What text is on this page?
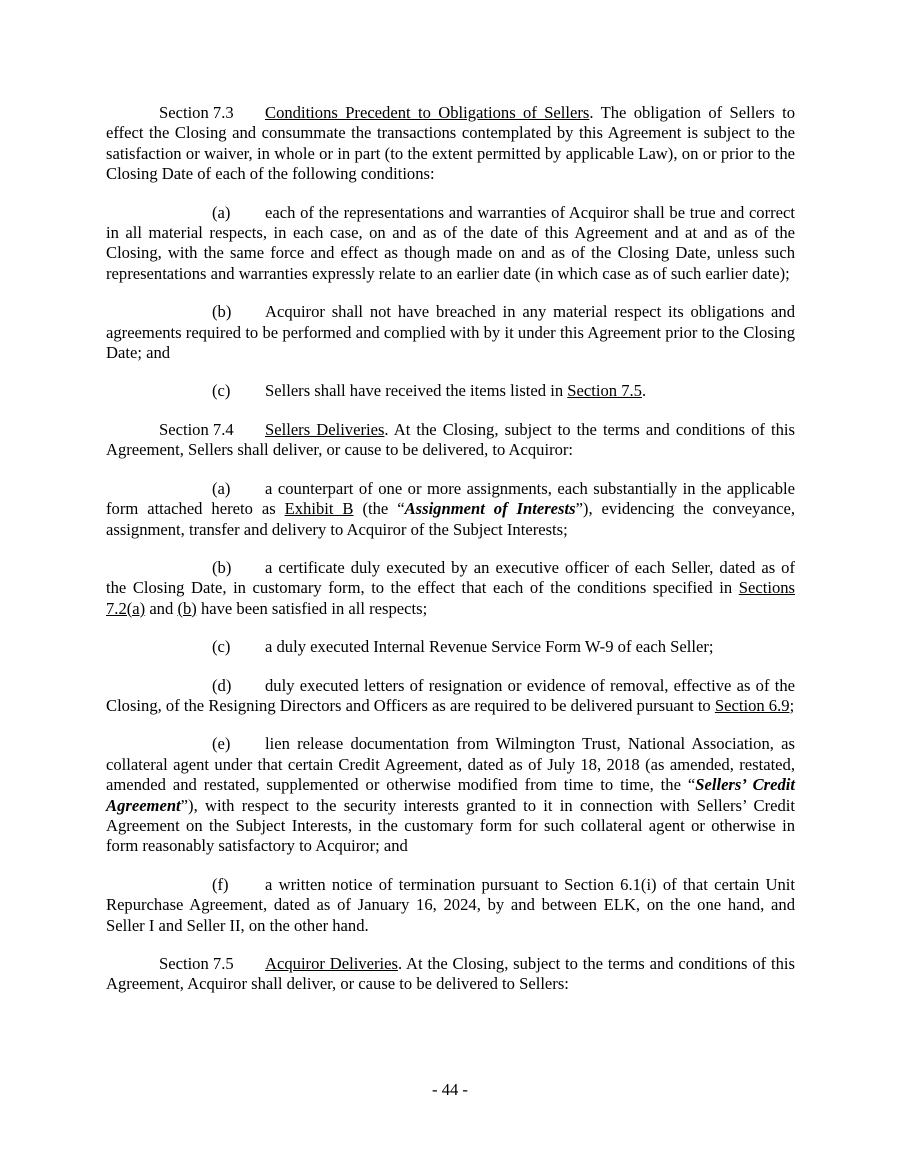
Section 7.3 Conditions Precedent to Obligations of Sellers. The obligation of Sellers to effect the Closing and consummate the transactions contemplated by this Agreement is subject to the satisfaction or waiver, in whole or in part (to the extent permitted by applicable Law), on or prior to the Closing Date of each of the following conditions:

(a) each of the representations and warranties of Acquiror shall be true and correct in all material respects, in each case, on and as of the date of this Agreement and at and as of the Closing, with the same force and effect as though made on and as of the Closing Date, unless such representations and warranties expressly relate to an earlier date (in which case as of such earlier date);

(b) Acquiror shall not have breached in any material respect its obligations and agreements required to be performed and complied with by it under this Agreement prior to the Closing Date; and

(c) Sellers shall have received the items listed in Section 7.5.

Section 7.4 Sellers Deliveries. At the Closing, subject to the terms and conditions of this Agreement, Sellers shall deliver, or cause to be delivered, to Acquiror:

(a) a counterpart of one or more assignments, each substantially in the applicable form attached hereto as Exhibit B (the “Assignment of Interests”), evidencing the conveyance, assignment, transfer and delivery to Acquiror of the Subject Interests;

(b) a certificate duly executed by an executive officer of each Seller, dated as of the Closing Date, in customary form, to the effect that each of the conditions specified in Sections 7.2(a) and (b) have been satisfied in all respects;

(c) a duly executed Internal Revenue Service Form W-9 of each Seller;

(d) duly executed letters of resignation or evidence of removal, effective as of the Closing, of the Resigning Directors and Officers as are required to be delivered pursuant to Section 6.9;

(e) lien release documentation from Wilmington Trust, National Association, as collateral agent under that certain Credit Agreement, dated as of July 18, 2018 (as amended, restated, amended and restated, supplemented or otherwise modified from time to time, the “Sellers’ Credit Agreement”), with respect to the security interests granted to it in connection with Sellers’ Credit Agreement on the Subject Interests, in the customary form for such collateral agent or otherwise in form reasonably satisfactory to Acquiror; and

(f) a written notice of termination pursuant to Section 6.1(i) of that certain Unit Repurchase Agreement, dated as of January 16, 2024, by and between ELK, on the one hand, and Seller I and Seller II, on the other hand.

Section 7.5 Acquiror Deliveries. At the Closing, subject to the terms and conditions of this Agreement, Acquiror shall deliver, or cause to be delivered to Sellers:

- 44 -
